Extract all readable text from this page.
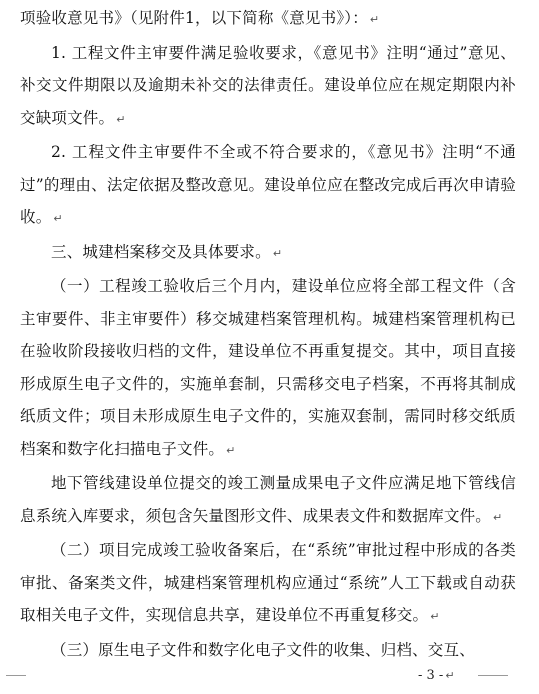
项验收意见书》（见附件1，以下简称《意见书》）： ↵

1. 工程文件主审要件满足验收要求，《意见书》注明“通过”意见、补交文件期限以及逾期未补交的法律责任。建设单位应在规定期限内补交缺项文件。 ↵

2. 工程文件主审要件不全或不符合要求的，《意见书》注明“不通过”的理由、法定依据及整改意见。建设单位应在整改完成后再次申请验收。 ↵

三、城建档案移交及具体要求。 ↵

（一）工程竣工验收后三个月内，建设单位应将全部工程文件（含主审要件、非主审要件）移交城建档案管理机构。城建档案管理机构已在验收阶段接收归档的文件，建设单位不再重复提交。其中，项目直接形成原生电子文件的，实施单套制，只需移交电子档案，不再将其制成纸质文件；项目未形成原生电子文件的，实施双套制，需同时移交纸质档案和数字化扫描电子文件。 ↵

地下管线建设单位提交的竣工测量成果电子文件应满足地下管线信息系统入库要求，须包含矢量图形文件、成果表文件和数据库文件。 ↵

（二）项目完成竣工验收备案后，在“系统”审批过程中形成的各类审批、备案类文件，城建档案管理机构应通过“系统”人工下载或自动获取相关电子文件，实现信息共享，建设单位不再重复移交。 ↵

（三）原生电子文件和数字化电子文件的收集、归档、交互、

- 3 - ↵
